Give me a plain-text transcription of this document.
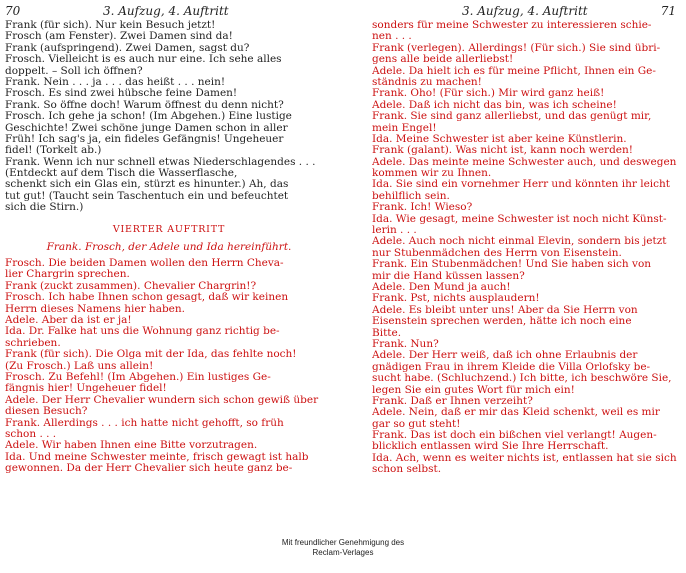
70	3. Aufzug, 4. Auftritt
Frank (für sich). Nur kein Besuch jetzt!
Frosch (am Fenster). Zwei Damen sind da!
Frank (aufspringend). Zwei Damen, sagst du?
Frosch. Vielleicht is es auch nur eine. Ich sehe alles
doppelt. – Soll ich öffnen?
Frank. Nein . . . ja . . . das heißt . . . nein!
Frosch. Es sind zwei hübsche feine Damen!
Frank. So öffne doch! Warum öffnest du denn nicht?
Frosch. Ich gehe ja schon! (Im Abgehen.) Eine lustige
Geschichte! Zwei schöne junge Damen schon in aller
Früh! Ich sag's ja, ein fideles Gefängnis! Ungeheuer
fidel! (Torkelt ab.)
Frank. Wenn ich nur schnell etwas Niederschlagendes . . . (Entdeckt auf dem Tisch die Wasserflasche,
schenkt sich ein Glas ein, stürzt es hinunter.) Ah, das
tut gut! (Taucht sein Taschentuch ein und befeuchtet
sich die Stirn.)
VIERTER AUFTRITT
Frank. Frosch, der Adele und Ida hereinführt.
Frosch. Die beiden Damen wollen den Herrn Cheva-
lier Chargrin sprechen.
Frank (zuckt zusammen). Chevalier Chargrin!?
Frosch. Ich habe Ihnen schon gesagt, daß wir keinen
Herrn dieses Namens hier haben.
Adele. Aber da ist er ja!
Ida. Dr. Falke hat uns die Wohnung ganz richtig be-
schrieben.
Frank (für sich). Die Olga mit der Ida, das fehlte noch!
(Zu Frosch.) Laß uns allein!
Frosch. Zu Befehl! (Im Abgehen.) Ein lustiges Ge-
fängnis hier! Ungeheuer fidel!
Adele. Der Herr Chevalier wundern sich schon gewiß über
diesen Besuch?
Frank. Allerdings . . . ich hatte nicht gehofft, so früh
schon . . .
Adele. Wir haben Ihnen eine Bitte vorzutragen.
Ida. Und meine Schwester meinte, frisch gewagt ist halb
gewonnen. Da der Herr Chevalier sich heute ganz be-
3. Aufzug, 4. Auftritt	71
sonders für meine Schwester zu interessieren schie-
nen . . .
Frank (verlegen). Allerdings! (Für sich.) Sie sind übri-
gens alle beide allerliebst!
Adele. Da hielt ich es für meine Pflicht, Ihnen ein Ge-
ständnis zu machen!
Frank. Oho! (Für sich.) Mir wird ganz heiß!
Adele. Daß ich nicht das bin, was ich scheine!
Frank. Sie sind ganz allerliebst, und das genügt mir,
mein Engel!
Ida. Meine Schwester ist aber keine Künstlerin.
Frank (galant). Was nicht ist, kann noch werden!
Adele. Das meinte meine Schwester auch, und deswegen
kommen wir zu Ihnen.
Ida. Sie sind ein vornehmer Herr und könnten ihr leicht
behilflich sein.
Frank. Ich! Wieso?
Ida. Wie gesagt, meine Schwester ist noch nicht Künst-
lerin . . .
Adele. Auch noch nicht einmal Elevin, sondern bis jetzt
nur Stubenmädchen des Herrn von Eisenstein.
Frank. Ein Stubenmädchen! Und Sie haben sich von
mir die Hand küssen lassen?
Adele. Den Mund ja auch!
Frank. Pst, nichts ausplaudern!
Adele. Es bleibt unter uns! Aber da Sie Herrn von
Eisenstein sprechen werden, hätte ich noch eine
Bitte.
Frank. Nun?
Adele. Der Herr weiß, daß ich ohne Erlaubnis der
gnädigen Frau in ihrem Kleide die Villa Orlofsky be-
sucht habe. (Schluchzend.) Ich bitte, ich beschwöre Sie,
legen Sie ein gutes Wort für mich ein!
Frank. Daß er Ihnen verzeiht?
Adele. Nein, daß er mir das Kleid schenkt, weil es mir
gar so gut steht!
Frank. Das ist doch ein bißchen viel verlangt! Augen-
blicklich entlassen wird Sie Ihre Herrschaft.
Ida. Ach, wenn es weiter nichts ist, entlassen hat sie sich
schon selbst.
Mit freundlicher Genehmigung des
Reclam-Verlages
